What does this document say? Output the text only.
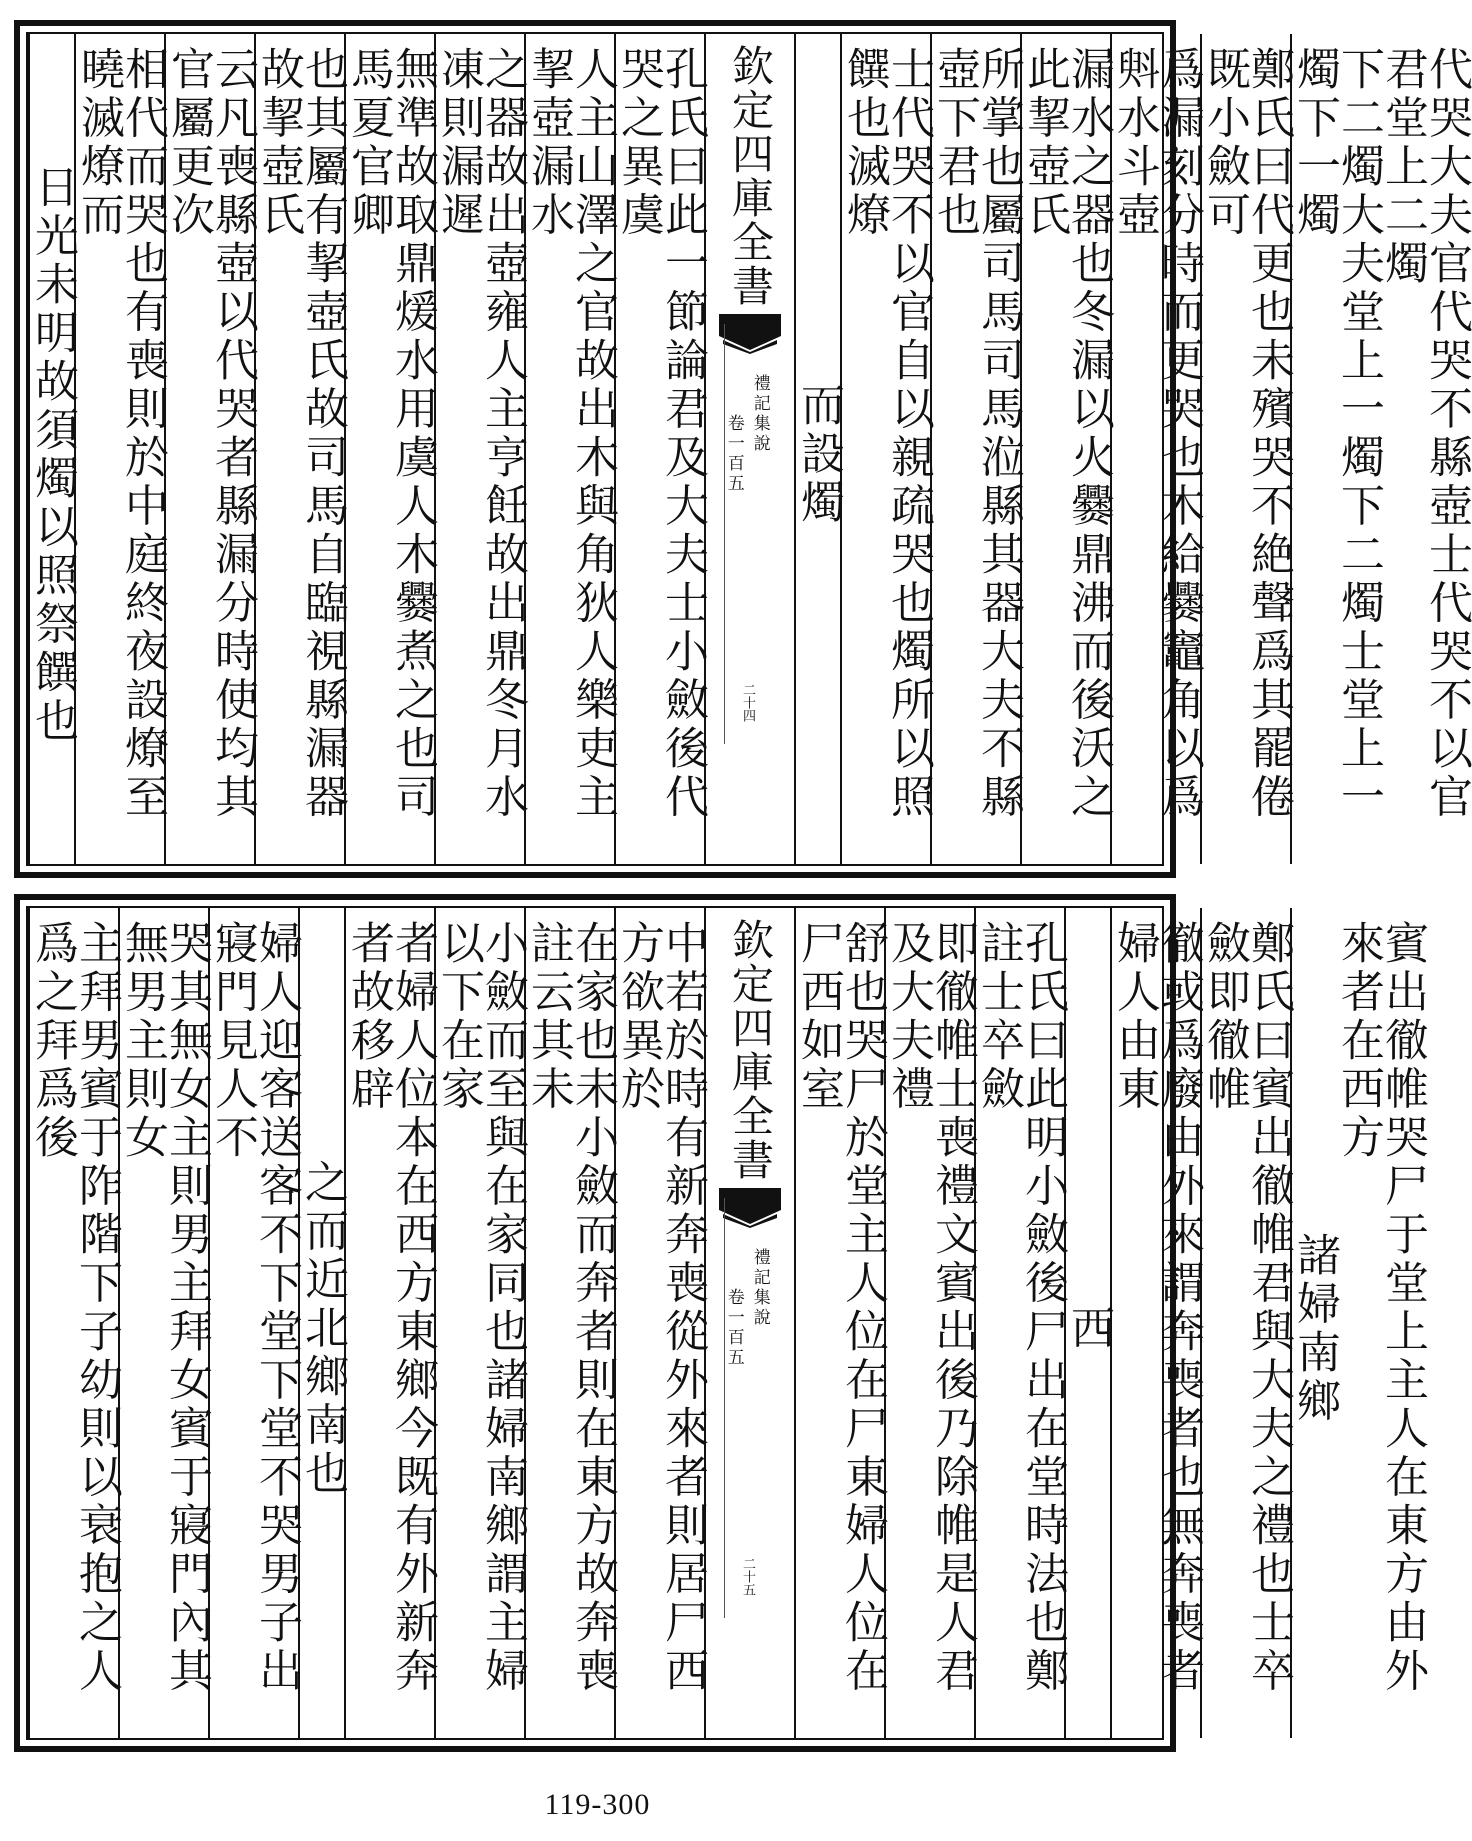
日光未明故須燭以照祭饌也 相代而哭也有喪則於中庭終夜設燎至曉滅燎而	云凡喪縣壺以代哭者縣漏分時使均其官屬更次	也其屬有挈壺氏故司馬自臨視縣漏器故挈壺氏	無準故取鼎煖水用虞人木爨煮之也司馬夏官卿	之器故出壺雍人主亨飪故出鼎冬月水凍則漏遲	人主山澤之官故出木與角狄人樂吏主挈壺漏水	孔氏曰此一節論君及大夫士小斂後代哭之異虞	欽定四庫全書
禮記集說
卷一百五
二十四
而設燭 士代哭不以官自以親疏哭也燭所以照饌也滅燎	所掌也屬司馬司馬涖縣其器大夫不縣壺下君也	漏水之器也冬漏以火爨鼎沸而後沃之此挈壺氏	爲漏刻分時而更哭也木給爨竈角以爲斞水斗壺	鄭氏曰代更也未殯哭不絶聲爲其罷倦既小斂可	下二燭大夫堂上一燭下二燭士堂上一燭下一燭	代哭大夫官代哭不縣壺士代哭不以官君堂上二燭
主拜男賓于阼階下子幼則以衰抱之人爲之拜爲後	哭其無女主則男主拜女賓于寢門內其無男主則女	婦人迎客送客不下堂下堂不哭男子出寢門見人不
之而近北鄉南也 者婦人位本在西方東鄉今既有外新奔者故移辟	小斂而至與在家同也諸婦南鄉謂主婦以下在家	在家也未小斂而奔者則在東方故奔喪註云其未	中若於時有新奔喪從外來者則居尸西方欲異於	欽定四庫全書
禮記集說
卷一百五
二十五	舒也哭尸於堂主人位在尸東婦人位在尸西如室	即徹帷士喪禮文賓出後乃除帷是人君及大夫禮	孔氏曰此明小斂後尸出在堂時法也鄭註士卒斂
西 徹或爲廢由外來謂奔喪者也無奔喪者婦人由東	鄭氏曰賓出徹帷君與大夫之禮也士卒斂即徹帷
諸婦南鄉 賓出徹帷哭尸于堂上主人在東方由外來者在西方
119-300
